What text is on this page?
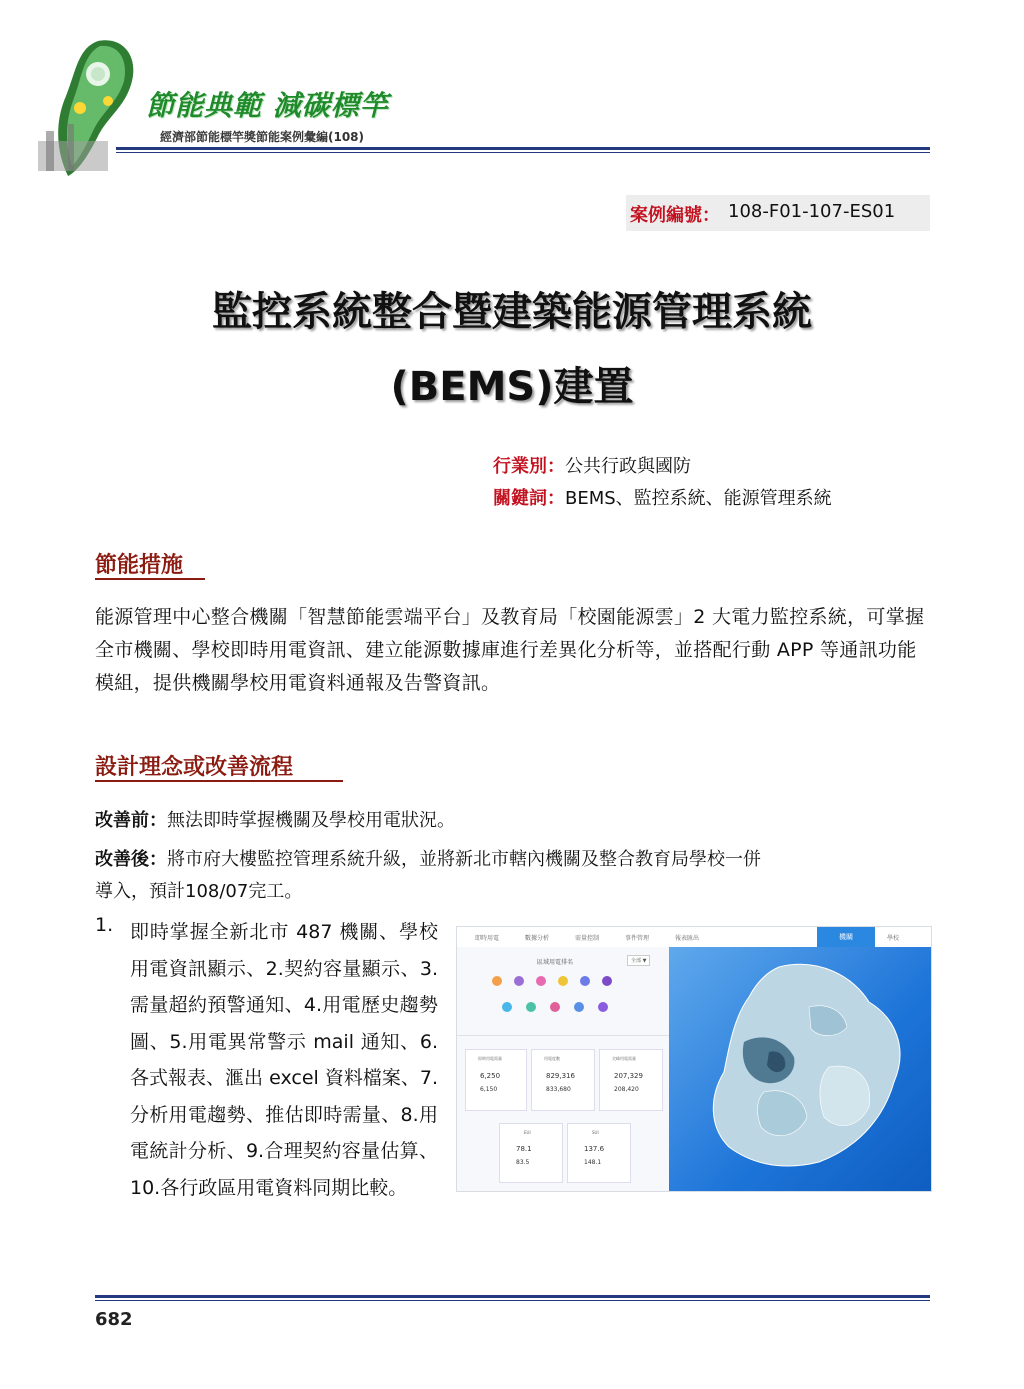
節能典範 減碳標竿
經濟部節能標竿獎節能案例彙編(108)
案例編號： 108-F01-107-ES01
監控系統整合暨建築能源管理系統
(BEMS)建置
行業別：公共行政與國防
關鍵詞：BEMS、監控系統、能源管理系統
節能措施
能源管理中心整合機關「智慧節能雲端平台」及教育局「校園能源雲」2 大電力監控系統，可掌握全市機關、學校即時用電資訊、建立能源數據庫進行差異化分析等，並搭配行動 APP 等通訊功能模組，提供機關學校用電資料通報及告警資訊。
設計理念或改善流程
改善前：無法即時掌握機關及學校用電狀況。
改善後：將市府大樓監控管理系統升級，並將新北市轄內機關及整合教育局學校一併
導入，預計108/07完工。
1. 即時掌握全新北市 487 機關、學校用電資訊顯示、2.契約容量顯示、3.需量超約預警通知、4.用電歷史趨勢圖、5.用電異常警示 mail 通知、6.各式報表、滙出 excel 資料檔案、7.分析用電趨勢、推估即時需量、8.用電統計分析、9.合理契約容量估算、10.各行政區用電資料同期比較。
即時用電	數據分析	需量控制	事件管理	報表匯出	機關	學校
區域用電排名	全部 ▼
即時用電需量
6,250
6,150
用電度數
829,316
833,680
尖峰用電需量
207,329
208,420
EUI
78.1
83.5
SUI
137.6
148.1
682
